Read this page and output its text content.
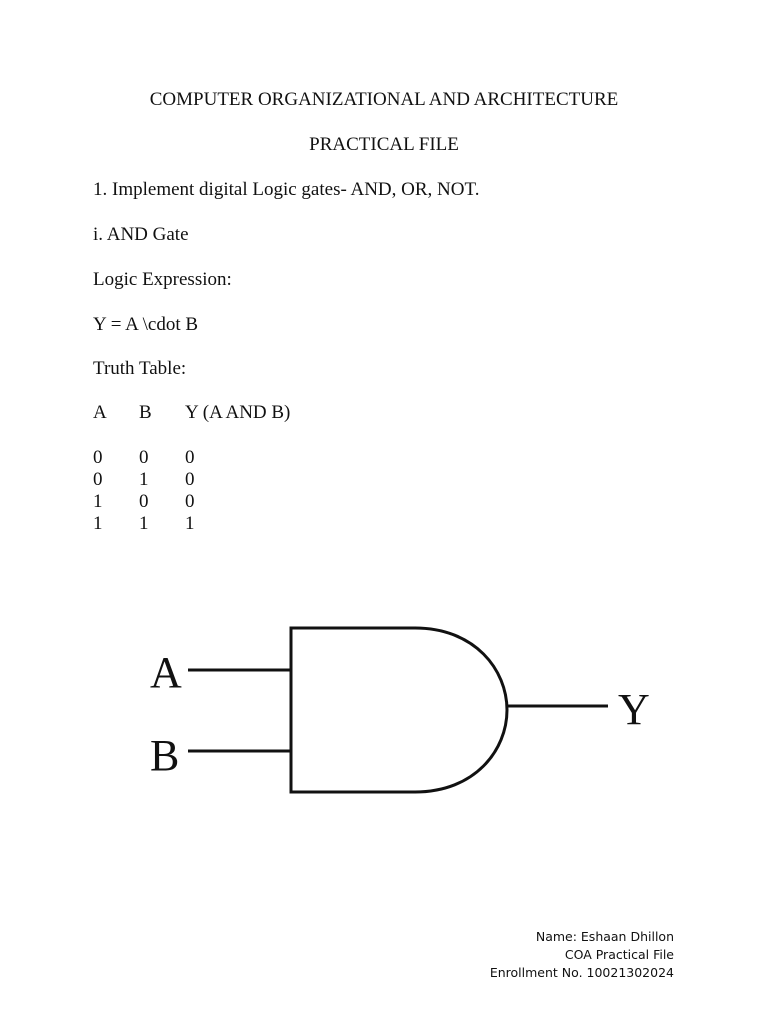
COMPUTER ORGANIZATIONAL AND ARCHITECTURE
PRACTICAL FILE
1. Implement digital Logic gates- AND, OR, NOT.
i. AND Gate
Logic Expression:
Y = A \cdot B
Truth Table:
A B Y (A AND B)
0 0 0
0 1 0
1 0 0
1 1 1
A
B
Y
Name: Eshaan Dhillon
COA Practical File
Enrollment No. 10021302024
